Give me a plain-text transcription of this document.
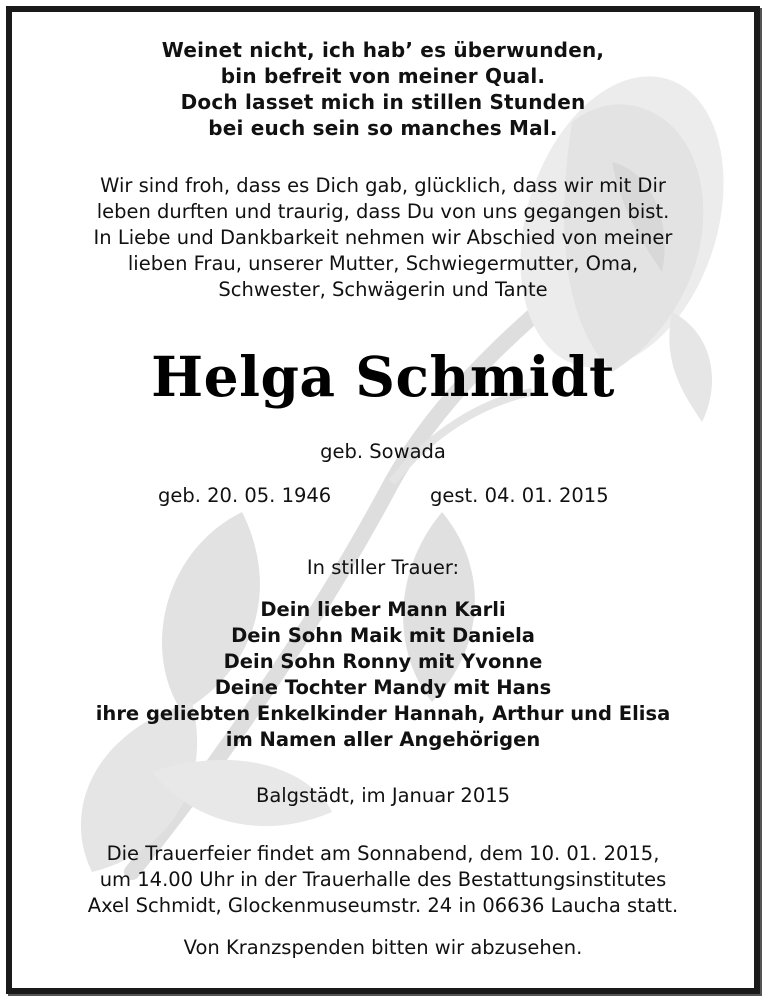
Weinet nicht, ich hab’ es überwunden,
bin befreit von meiner Qual.
Doch lasset mich in stillen Stunden
bei euch sein so manches Mal.
Wir sind froh, dass es Dich gab, glücklich, dass wir mit Dir
leben durften und traurig, dass Du von uns gegangen bist.
In Liebe und Dankbarkeit nehmen wir Abschied von meiner
lieben Frau, unserer Mutter, Schwiegermutter, Oma,
Schwester, Schwägerin und Tante
Helga Schmidt
geb. Sowada
geb. 20. 05. 1946	gest. 04. 01. 2015
In stiller Trauer:
Dein lieber Mann Karli
Dein Sohn Maik mit Daniela
Dein Sohn Ronny mit Yvonne
Deine Tochter Mandy mit Hans
ihre geliebten Enkelkinder Hannah, Arthur und Elisa
im Namen aller Angehörigen
Balgstädt, im Januar 2015
Die Trauerfeier findet am Sonnabend, dem 10. 01. 2015,
um 14.00 Uhr in der Trauerhalle des Bestattungsinstitutes
Axel Schmidt, Glockenmuseumstr. 24 in 06636 Laucha statt.
Von Kranzspenden bitten wir abzusehen.
